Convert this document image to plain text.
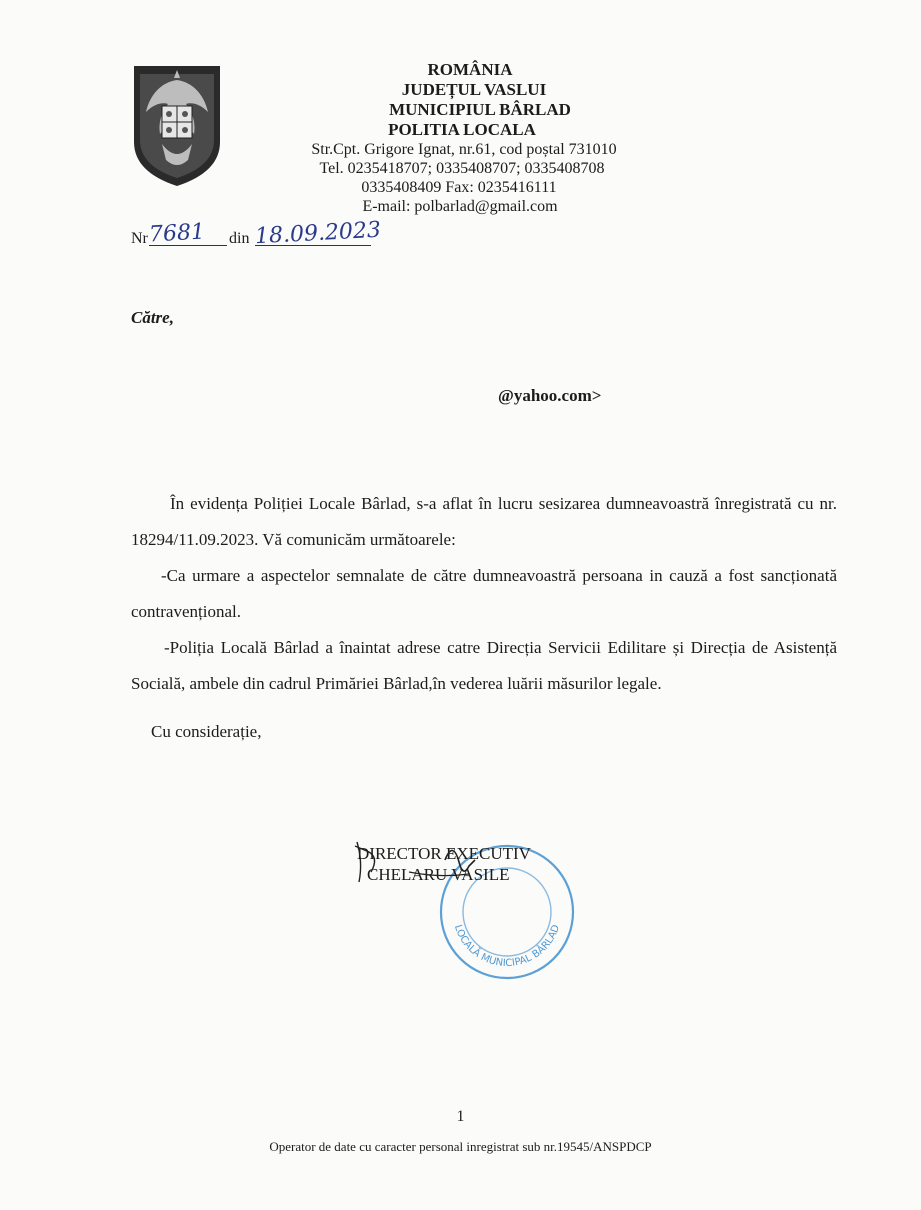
ROMÂNIA
JUDEȚUL VASLUI
MUNICIPIUL BÂRLAD
POLITIA LOCALA
Str.Cpt. Grigore Ignat, nr.61, cod poștal 731010
Tel. 0235418707; 0335408707; 0335408708
0335408409 Fax: 0235416111
E-mail: polbarlad@gmail.com
Nr 7681 din 18.09.2023
Către,
@yahoo.com>

În evidența Poliției Locale Bârlad, s-a aflat în lucru sesizarea dumneavoastră înregistrată cu nr. 18294/11.09.2023. Vă comunicăm următoarele:

-Ca urmare a aspectelor semnalate de către dumneavoastră persoana in cauză a fost sancționată contravențional.

-Poliția Locală Bârlad a înaintat adrese catre Direcția Servicii Edilitare și Direcția de Asistență Socială, ambele din cadrul Primăriei Bârlad,în vederea luării măsurilor legale.

Cu considerație,
LOCALĂ MUNICIPAL BÂRLAD
DIRECTOR EXECUTIV
CHELARU VASILE
1
Operator de date cu caracter personal inregistrat sub nr.19545/ANSPDCP
